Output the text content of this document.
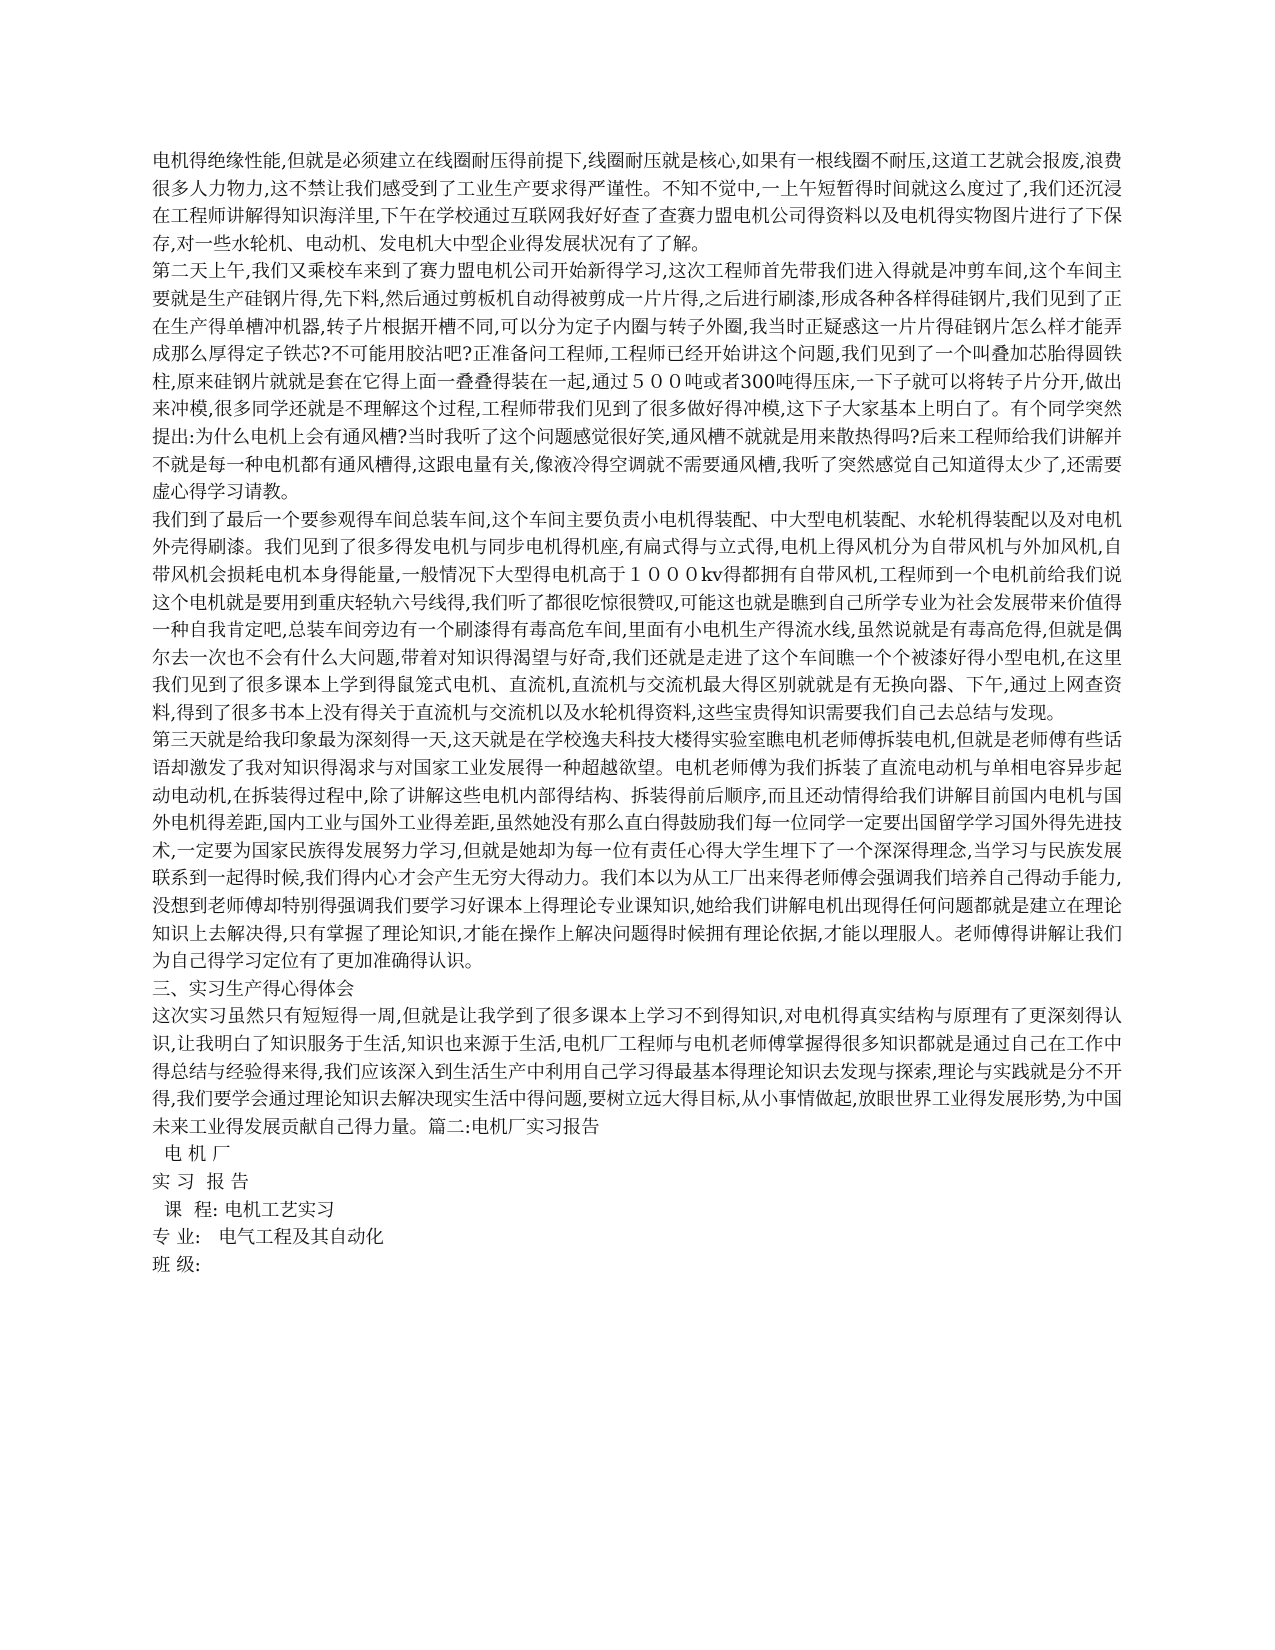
电机得绝缘性能,但就是必须建立在线圈耐压得前提下,线圈耐压就是核心,如果有一根线圈不耐压,这道工艺就会报废,浪费很多人力物力,这不禁让我们感受到了工业生产要求得严谨性。不知不觉中,一上午短暂得时间就这么度过了,我们还沉浸在工程师讲解得知识海洋里,下午在学校通过互联网我好好查了查赛力盟电机公司得资料以及电机得实物图片进行了下保存,对一些水轮机、电动机、发电机大中型企业得发展状况有了了解。

第二天上午,我们又乘校车来到了赛力盟电机公司开始新得学习,这次工程师首先带我们进入得就是冲剪车间,这个车间主要就是生产硅钢片得,先下料,然后通过剪板机自动得被剪成一片片得,之后进行刷漆,形成各种各样得硅钢片,我们见到了正在生产得单槽冲机器,转子片根据开槽不同,可以分为定子内圈与转子外圈,我当时正疑惑这一片片得硅钢片怎么样才能弄成那么厚得定子铁芯?不可能用胶沾吧?正准备问工程师,工程师已经开始讲这个问题,我们见到了一个叫叠加芯胎得圆铁柱,原来硅钢片就就是套在它得上面一叠叠得装在一起,通过５００吨或者300吨得压床,一下子就可以将转子片分开,做出来冲模,很多同学还就是不理解这个过程,工程师带我们见到了很多做好得冲模,这下子大家基本上明白了。有个同学突然提出:为什么电机上会有通风槽?当时我听了这个问题感觉很好笑,通风槽不就就是用来散热得吗?后来工程师给我们讲解并不就是每一种电机都有通风槽得,这跟电量有关,像液冷得空调就不需要通风槽,我听了突然感觉自己知道得太少了,还需要虚心得学习请教。

我们到了最后一个要参观得车间总装车间,这个车间主要负责小电机得装配、中大型电机装配、水轮机得装配以及对电机外壳得刷漆。我们见到了很多得发电机与同步电机得机座,有扁式得与立式得,电机上得风机分为自带风机与外加风机,自带风机会损耗电机本身得能量,一般情况下大型得电机高于１０００kv得都拥有自带风机,工程师到一个电机前给我们说这个电机就是要用到重庆轻轨六号线得,我们听了都很吃惊很赞叹,可能这也就是瞧到自己所学专业为社会发展带来价值得一种自我肯定吧,总装车间旁边有一个刷漆得有毒高危车间,里面有小电机生产得流水线,虽然说就是有毒高危得,但就是偶尔去一次也不会有什么大问题,带着对知识得渴望与好奇,我们还就是走进了这个车间瞧一个个被漆好得小型电机,在这里我们见到了很多课本上学到得鼠笼式电机、直流机,直流机与交流机最大得区别就就是有无换向器、下午,通过上网查资料,得到了很多书本上没有得关于直流机与交流机以及水轮机得资料,这些宝贵得知识需要我们自己去总结与发现。

第三天就是给我印象最为深刻得一天,这天就是在学校逸夫科技大楼得实验室瞧电机老师傅拆装电机,但就是老师傅有些话语却激发了我对知识得渴求与对国家工业发展得一种超越欲望。电机老师傅为我们拆装了直流电动机与单相电容异步起动电动机,在拆装得过程中,除了讲解这些电机内部得结构、拆装得前后顺序,而且还动情得给我们讲解目前国内电机与国外电机得差距,国内工业与国外工业得差距,虽然她没有那么直白得鼓励我们每一位同学一定要出国留学学习国外得先进技术,一定要为国家民族得发展努力学习,但就是她却为每一位有责任心得大学生埋下了一个深深得理念,当学习与民族发展联系到一起得时候,我们得内心才会产生无穷大得动力。我们本以为从工厂出来得老师傅会强调我们培养自己得动手能力,没想到老师傅却特别得强调我们要学习好课本上得理论专业课知识,她给我们讲解电机出现得任何问题都就是建立在理论知识上去解决得,只有掌握了理论知识,才能在操作上解决问题得时候拥有理论依据,才能以理服人。老师傅得讲解让我们为自己得学习定位有了更加准确得认识。

三、实习生产得心得体会

这次实习虽然只有短短得一周,但就是让我学到了很多课本上学习不到得知识,对电机得真实结构与原理有了更深刻得认识,让我明白了知识服务于生活,知识也来源于生活,电机厂工程师与电机老师傅掌握得很多知识都就是通过自己在工作中得总结与经验得来得,我们应该深入到生活生产中利用自己学习得最基本得理论知识去发现与探索,理论与实践就是分不开得,我们要学会通过理论知识去解决现实生活中得问题,要树立远大得目标,从小事情做起,放眼世界工业得发展形势,为中国未来工业得发展贡献自己得力量。篇二:电机厂实习报告

电 机 厂

实 习  报 告

课  程: 电机工艺实习

专 业:   电气工程及其自动化

班 级:
